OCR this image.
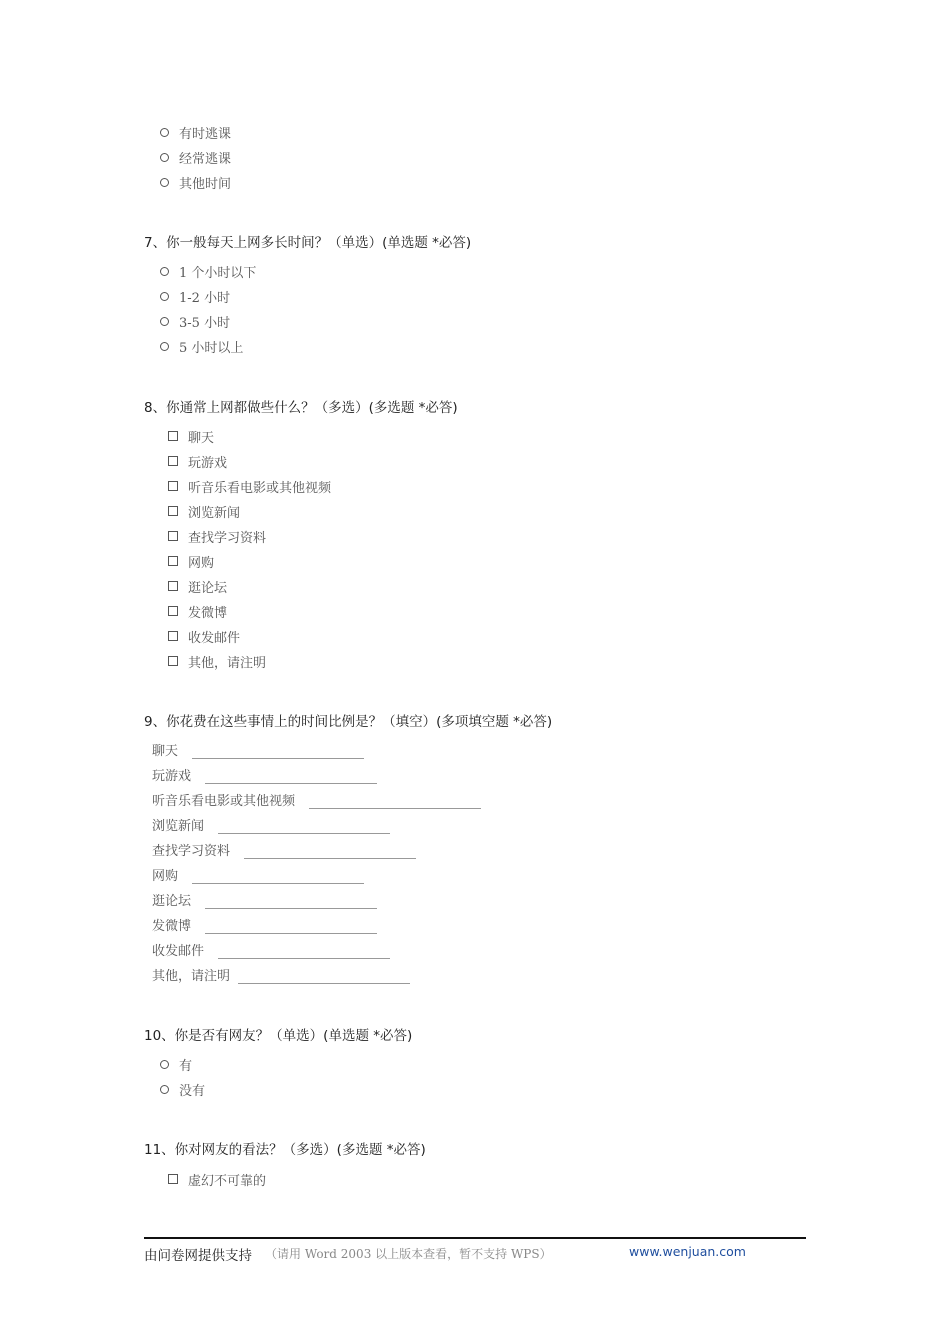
有时逃课
经常逃课
其他时间
7、你一般每天上网多长时间？（单选）(单选题 *必答)
1 个小时以下
1-2 小时
3-5 小时
5 小时以上
8、你通常上网都做些什么？（多选）(多选题 *必答)
聊天
玩游戏
听音乐看电影或其他视频
浏览新闻
查找学习资料
网购
逛论坛
发微博
收发邮件
其他，请注明
9、你花费在这些事情上的时间比例是？（填空）(多项填空题 *必答)
聊天
玩游戏
听音乐看电影或其他视频
浏览新闻
查找学习资料
网购
逛论坛
发微博
收发邮件
其他，请注明
10、你是否有网友？（单选）(单选题 *必答)
有
没有
11、你对网友的看法？（多选）(多选题 *必答)
虚幻不可靠的
由问卷网提供支持 （请用 Word 2003 以上版本查看，暂不支持 WPS）	www.wenjuan.com
